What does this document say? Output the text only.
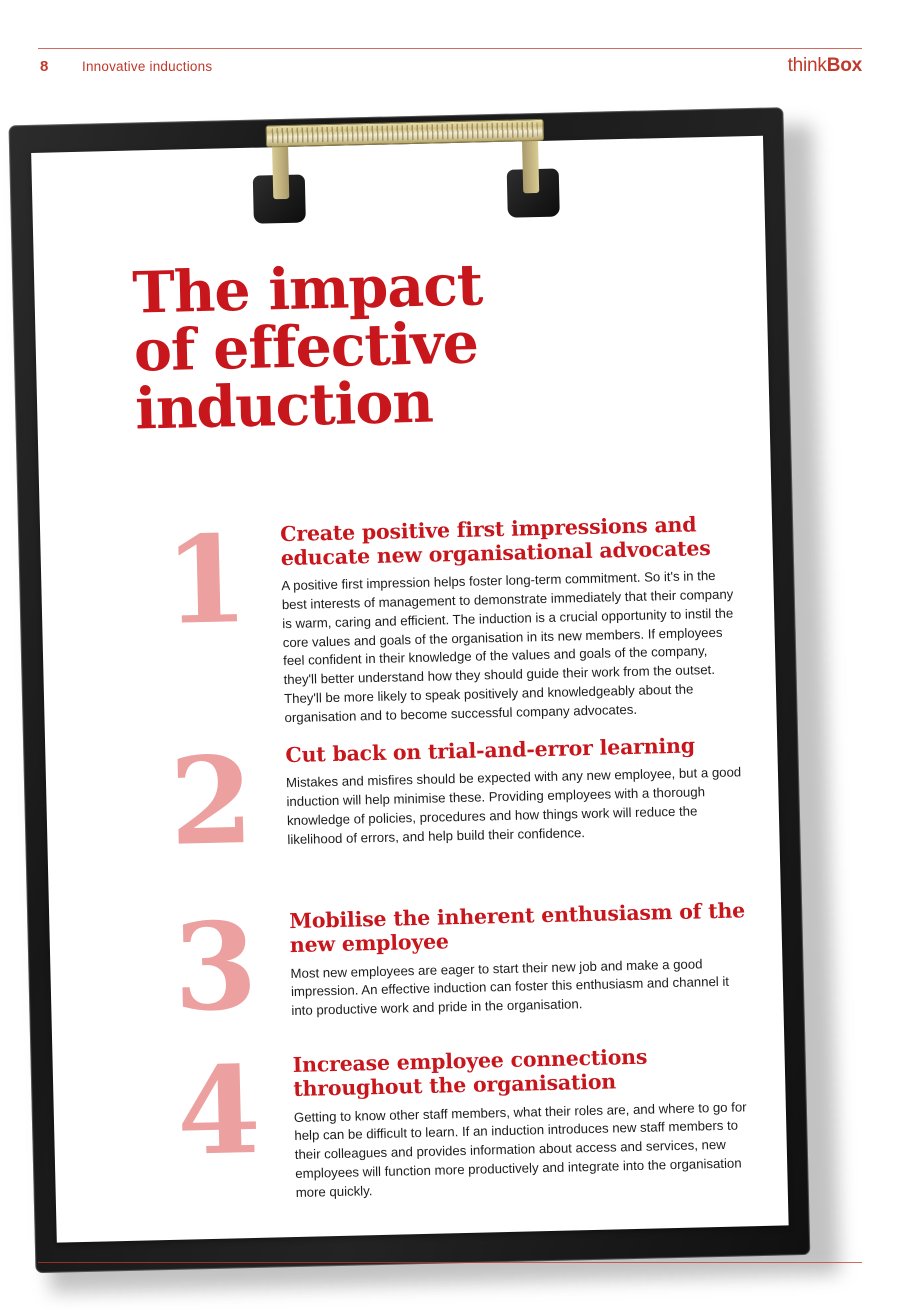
8 Innovative inductions	thinkBox
The impact
of effective
induction
1	Create positive first impressions and educate new organisational advocates
A positive first impression helps foster long-term commitment. So it's in the best interests of management to demonstrate immediately that their company is warm, caring and efficient. The induction is a crucial opportunity to instil the core values and goals of the organisation in its new members. If employees feel confident in their knowledge of the values and goals of the company, they'll better understand how they should guide their work from the outset. They'll be more likely to speak positively and knowledgeably about the organisation and to become successful company advocates.
2	Cut back on trial-and-error learning
Mistakes and misfires should be expected with any new employee, but a good induction will help minimise these. Providing employees with a thorough knowledge of policies, procedures and how things work will reduce the likelihood of errors, and help build their confidence.
3	Mobilise the inherent enthusiasm of the new employee
Most new employees are eager to start their new job and make a good impression. An effective induction can foster this enthusiasm and channel it into productive work and pride in the organisation.
4	Increase employee connections throughout the organisation
Getting to know other staff members, what their roles are, and where to go for help can be difficult to learn. If an induction introduces new staff members to their colleagues and provides information about access and services, new employees will function more productively and integrate into the organisation more quickly.
